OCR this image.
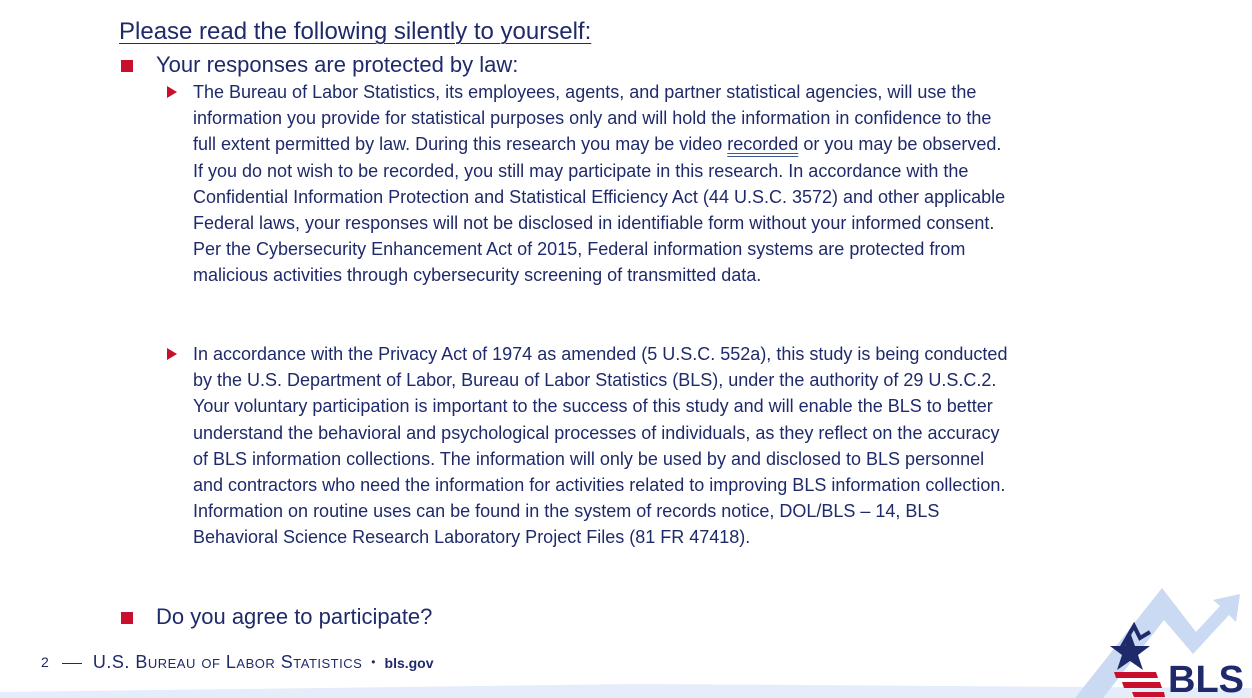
Please read the following silently to yourself:
Your responses are protected by law:
The Bureau of Labor Statistics, its employees, agents, and partner statistical agencies, will use the information you provide for statistical purposes only and will hold the information in confidence to the full extent permitted by law. During this research you may be video recorded or you may be observed. If you do not wish to be recorded, you still may participate in this research. In accordance with the Confidential Information Protection and Statistical Efficiency Act (44 U.S.C. 3572) and other applicable Federal laws, your responses will not be disclosed in identifiable form without your informed consent. Per the Cybersecurity Enhancement Act of 2015, Federal information systems are protected from malicious activities through cybersecurity screening of transmitted data.
In accordance with the Privacy Act of 1974 as amended (5 U.S.C. 552a), this study is being conducted by the U.S. Department of Labor, Bureau of Labor Statistics (BLS), under the authority of 29 U.S.C.2. Your voluntary participation is important to the success of this study and will enable the BLS to better understand the behavioral and psychological processes of individuals, as they reflect on the accuracy of BLS information collections. The information will only be used by and disclosed to BLS personnel and contractors who need the information for activities related to improving BLS information collection. Information on routine uses can be found in the system of records notice, DOL/BLS – 14, BLS Behavioral Science Research Laboratory Project Files (81 FR 47418).
Do you agree to participate?
2 U.S. Bureau of Labor Statistics • bls.gov	BLS
